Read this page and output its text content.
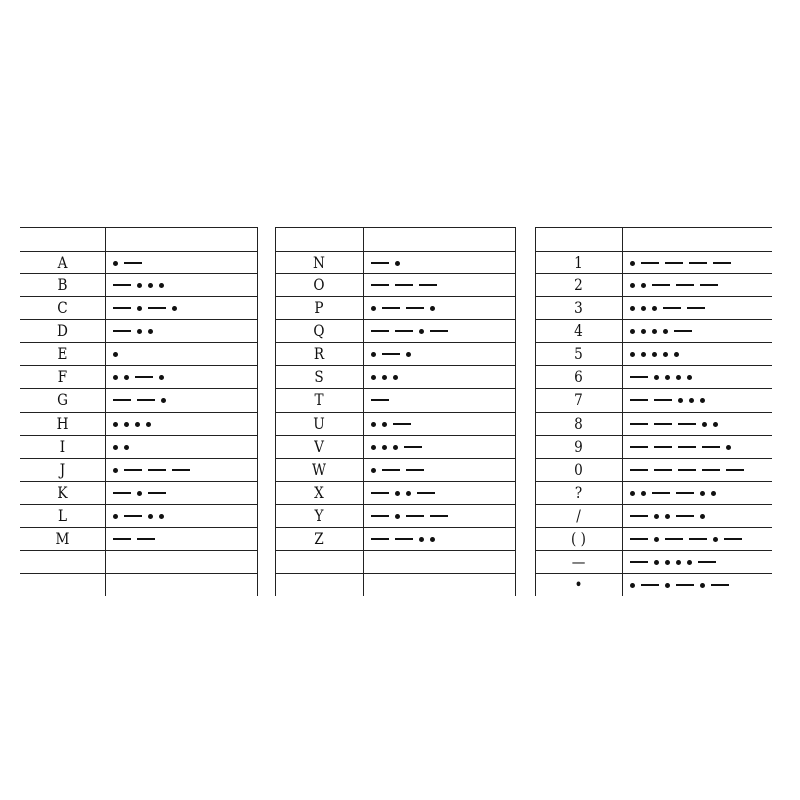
A
B
C
D
E
F
G
H
I
J
K
L
M
N
O
P
Q
R
S
T
U
V
W
X
Y
Z
1
2
3
4
5
6
7
8
9
0
?
/
( )
—
•
